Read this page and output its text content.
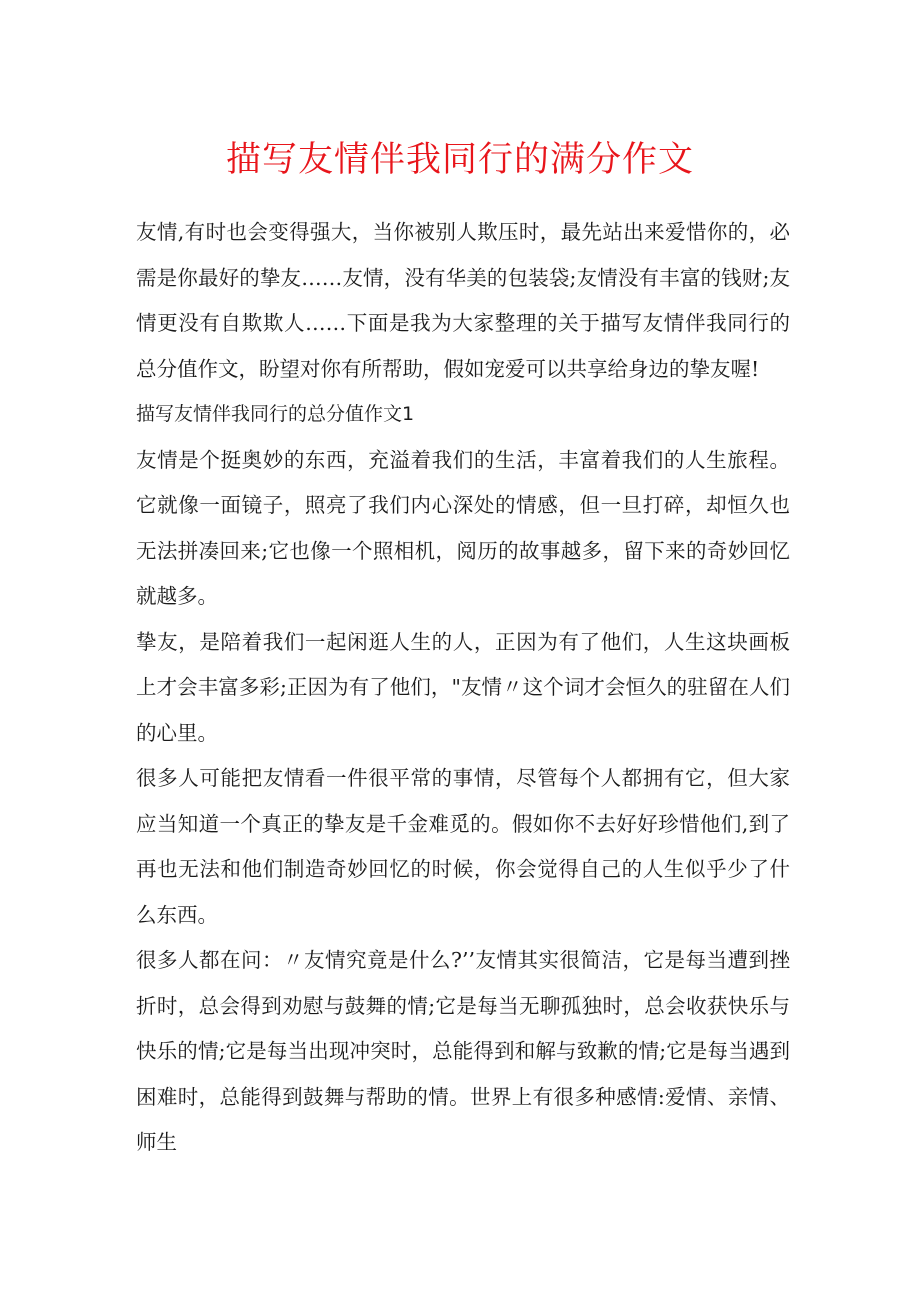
描写友情伴我同行的满分作文

友情,有时也会变得强大，当你被别人欺压时，最先站出来爱惜你的，必需是你最好的挚友……友情，没有华美的包装袋;友情没有丰富的钱财;友情更没有自欺欺人……下面是我为大家整理的关于描写友情伴我同行的总分值作文，盼望对你有所帮助，假如宠爱可以共享给身边的挚友喔!

描写友情伴我同行的总分值作文1

友情是个挺奥妙的东西，充溢着我们的生活，丰富着我们的人生旅程。它就像一面镜子，照亮了我们内心深处的情感，但一旦打碎，却恒久也无法拼凑回来;它也像一个照相机，阅历的故事越多，留下来的奇妙回忆就越多。

挚友，是陪着我们一起闲逛人生的人，正因为有了他们，人生这块画板上才会丰富多彩;正因为有了他们，"友情〃这个词才会恒久的驻留在人们的心里。

很多人可能把友情看一件很平常的事情，尽管每个人都拥有它，但大家应当知道一个真正的挚友是千金难觅的。假如你不去好好珍惜他们,到了再也无法和他们制造奇妙回忆的时候，你会觉得自己的人生似乎少了什么东西。

很多人都在问：〃友情究竟是什么?’’友情其实很简洁，它是每当遭到挫折时，总会得到劝慰与鼓舞的情;它是每当无聊孤独时，总会收获快乐与快乐的情;它是每当出现冲突时，总能得到和解与致歉的情;它是每当遇到困难时，总能得到鼓舞与帮助的情。世界上有很多种感情:爱情、亲情、师生
